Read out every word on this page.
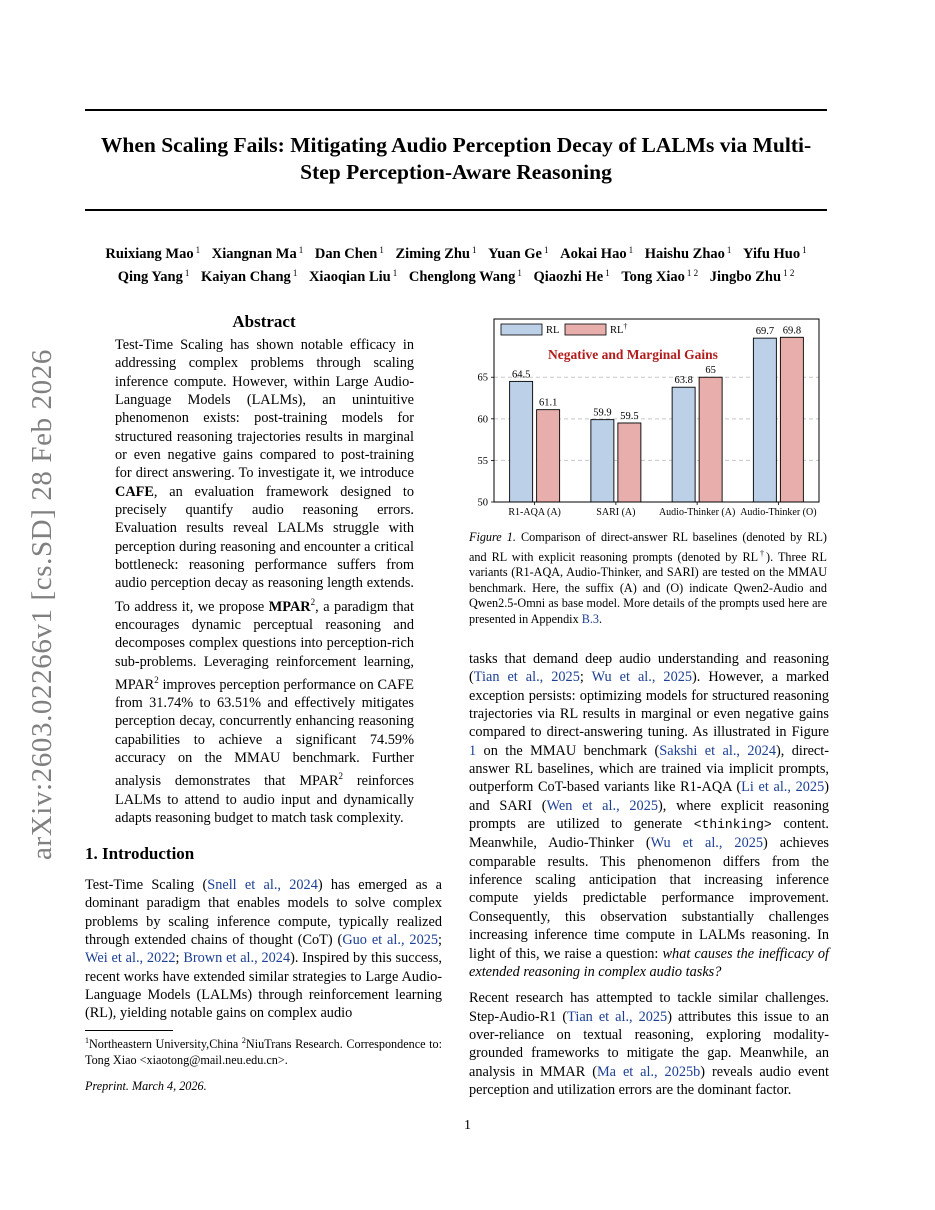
When Scaling Fails: Mitigating Audio Perception Decay of LALMs via Multi-Step Perception-Aware Reasoning
Ruixiang Mao $^1$ Xiangnan Ma $^1$ Dan Chen $^1$ Ziming Zhu $^1$ Yuan Ge $^1$ Aokai Hao $^1$ Haishu Zhao $^1$ Yifu Huo $^1$
Qing Yang $^1$ Kaiyan Chang $^1$ Xiaoqian Liu $^1$ Chenglong Wang $^1$ Qiaozhi He $^1$ Tong Xiao $^{1 2}$ Jingbo Zhu $^{1 2}$
arXiv:2603.02266v1 [cs.SD] 28 Feb 2026
Abstract

Test-Time Scaling has shown notable efficacy in addressing complex problems through scaling inference compute. However, within Large Audio-Language Models (LALMs), an unintuitive phenomenon exists: post-training models for structured reasoning trajectories results in marginal or even negative gains compared to post-training for direct answering. To investigate it, we introduce CAFE, an evaluation framework designed to precisely quantify audio reasoning errors. Evaluation results reveal LALMs struggle with perception during reasoning and encounter a critical bottleneck: reasoning performance suffers from audio perception decay as reasoning length extends. To address it, we propose MPAR$^2$, a paradigm that encourages dynamic perceptual reasoning and decomposes complex questions into perception-rich sub-problems. Leveraging reinforcement learning, MPAR$^2$ improves perception performance on CAFE from 31.74% to 63.51% and effectively mitigates perception decay, concurrently enhancing reasoning capabilities to achieve a significant 74.59% accuracy on the MMAU benchmark. Further analysis demonstrates that MPAR$^2$ reinforces LALMs to attend to audio input and dynamically adapts reasoning budget to match task complexity.

1. Introduction

Test-Time Scaling (Snell et al., 2024) has emerged as a dominant paradigm that enables models to solve complex problems by scaling inference compute, typically realized through extended chains of thought (CoT) (Guo et al., 2025; Wei et al., 2022; Brown et al., 2024). Inspired by this success, recent works have extended similar strategies to Large Audio-Language Models (LALMs) through reinforcement learning (RL), yielding notable gains on complex audio

$^1$Northeastern University,China $^2$NiuTrans Research. Correspondence to: Tong Xiao <xiaotong@mail.neu.edu.cn>.
Preprint. March 4, 2026.
1
50
55
60
65 64.5
61.1
R1-AQA (A)
59.9 59.5
SARI (A)
63.8
65
Audio-Thinker (A)
69.7 69.8
Audio-Thinker (O)
RL	RL†
Negative and Marginal Gains
Figure 1. Comparison of direct-answer RL baselines (denoted by RL) and RL with explicit reasoning prompts (denoted by RL†). Three RL variants (R1-AQA, Audio-Thinker, and SARI) are tested on the MMAU benchmark. Here, the suffix (A) and (O) indicate Qwen2-Audio and Qwen2.5-Omni as base model. More details of the prompts used here are presented in Appendix B.3.

tasks that demand deep audio understanding and reasoning (Tian et al., 2025; Wu et al., 2025). However, a marked exception persists: optimizing models for structured reasoning trajectories via RL results in marginal or even negative gains compared to direct-answering tuning. As illustrated in Figure 1 on the MMAU benchmark (Sakshi et al., 2024), direct-answer RL baselines, which are trained via implicit prompts, outperform CoT-based variants like R1-AQA (Li et al., 2025) and SARI (Wen et al., 2025), where explicit reasoning prompts are utilized to generate <thinking> content. Meanwhile, Audio-Thinker (Wu et al., 2025) achieves comparable results. This phenomenon differs from the inference scaling anticipation that increasing inference compute yields predictable performance improvement. Consequently, this observation substantially challenges increasing inference time compute in LALMs reasoning. In light of this, we raise a question: what causes the inefficacy of extended reasoning in complex audio tasks?

Recent research has attempted to tackle similar challenges. Step-Audio-R1 (Tian et al., 2025) attributes this issue to an over-reliance on textual reasoning, exploring modality-grounded frameworks to mitigate the gap. Meanwhile, an analysis in MMAR (Ma et al., 2025b) reveals audio event perception and utilization errors are the dominant factor.
